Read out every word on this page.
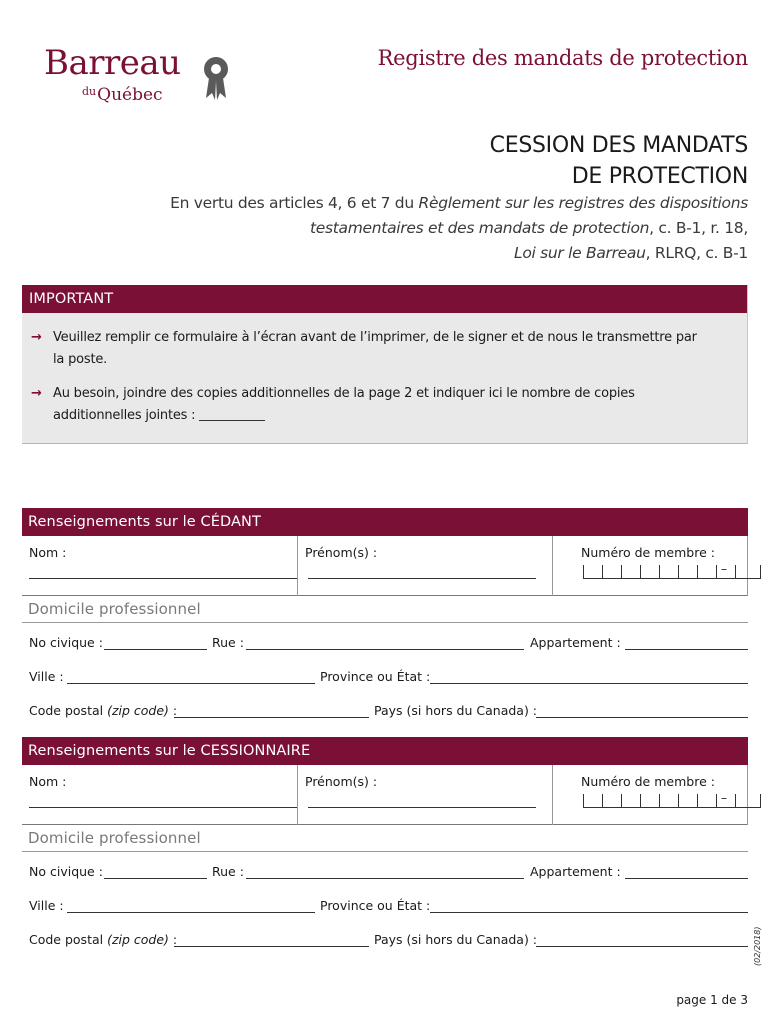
Barreau
$^{du}$Québec
Registre des mandats de protection
CESSION DES MANDATS
DE PROTECTION
En vertu des articles 4, 6 et 7 du Règlement sur les registres des dispositions testamentaires et des mandats de protection, c. B-1, r. 18,
Loi sur le Barreau, RLRQ, c. B-1
IMPORTANT
→ Veuillez remplir ce formulaire à l’écran avant de l’imprimer, de le signer et de nous le transmettre par la poste.
→ Au besoin, joindre des copies additionnelles de la page 2 et indiquer ici le nombre de copies additionnelles jointes :
Renseignements sur le CÉDANT
Nom :	Prénom(s) :	Numéro de membre :
–
Domicile professionnel
No civique :	Rue :	Appartement :
Ville :	Province ou État :
Code postal (zip code) :	Pays (si hors du Canada) :
Renseignements sur le CESSIONNAIRE
Nom :	Prénom(s) :	Numéro de membre :
–
Domicile professionnel
No civique :	Rue :	Appartement :
Ville :	Province ou État :
Code postal (zip code) :	Pays (si hors du Canada) :	(02/2018)
page 1 de 3
